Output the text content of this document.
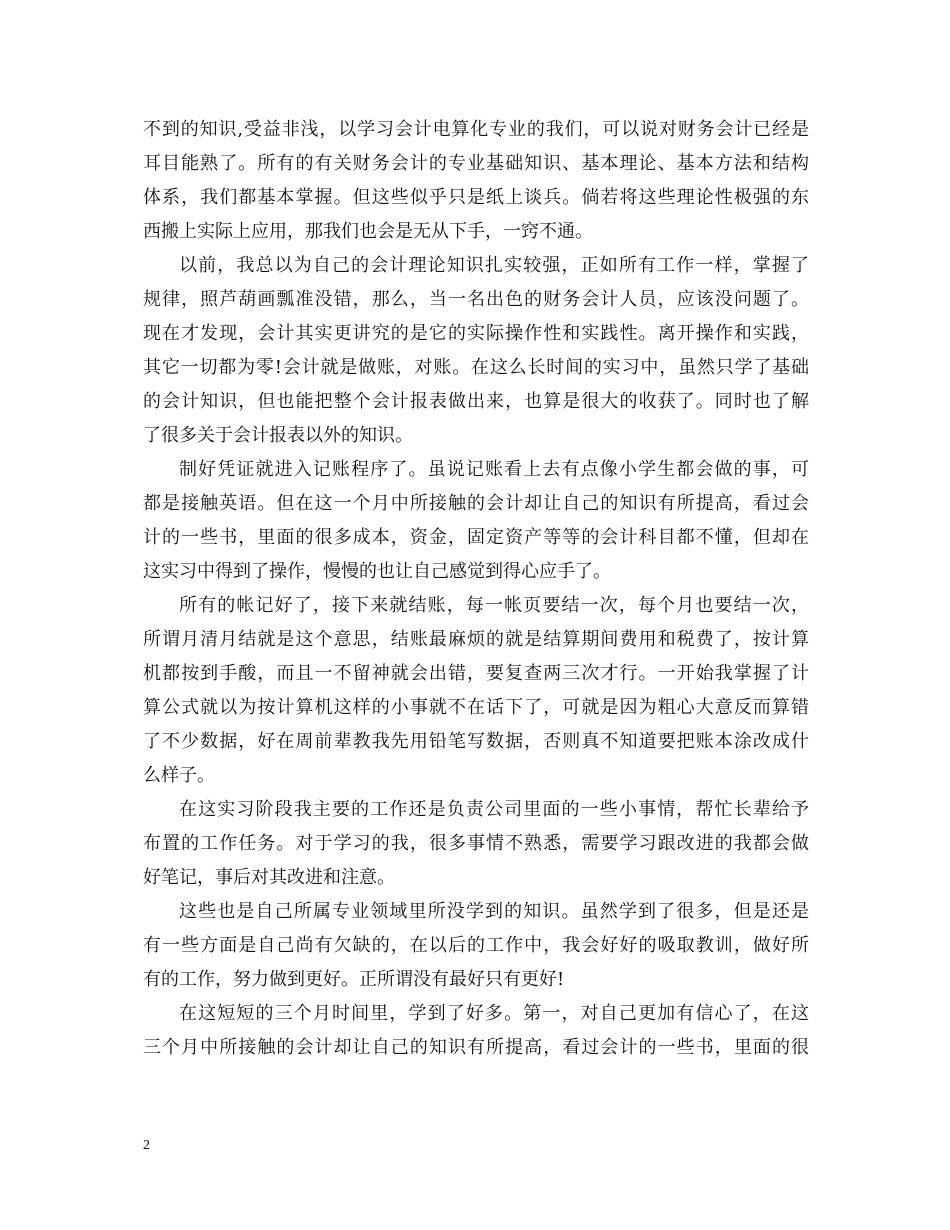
不到的知识,受益非浅，以学习会计电算化专业的我们，可以说对财务会计已经是
耳目能熟了。所有的有关财务会计的专业基础知识、基本理论、基本方法和结构
体系，我们都基本掌握。但这些似乎只是纸上谈兵。倘若将这些理论性极强的东
西搬上实际上应用，那我们也会是无从下手，一窍不通。

以前，我总以为自己的会计理论知识扎实较强，正如所有工作一样，掌握了
规律，照芦葫画瓢准没错，那么，当一名出色的财务会计人员，应该没问题了。
现在才发现，会计其实更讲究的是它的实际操作性和实践性。离开操作和实践，
其它一切都为零!会计就是做账，对账。在这么长时间的实习中，虽然只学了基础
的会计知识，但也能把整个会计报表做出来，也算是很大的收获了。同时也了解
了很多关于会计报表以外的知识。

制好凭证就进入记账程序了。虽说记账看上去有点像小学生都会做的事，可
都是接触英语。但在这一个月中所接触的会计却让自己的知识有所提高，看过会
计的一些书，里面的很多成本，资金，固定资产等等的会计科目都不懂，但却在
这实习中得到了操作，慢慢的也让自己感觉到得心应手了。

所有的帐记好了，接下来就结账，每一帐页要结一次，每个月也要结一次，
所谓月清月结就是这个意思，结账最麻烦的就是结算期间费用和税费了，按计算
机都按到手酸，而且一不留神就会出错，要复查两三次才行。一开始我掌握了计
算公式就以为按计算机这样的小事就不在话下了，可就是因为粗心大意反而算错
了不少数据，好在周前辈教我先用铅笔写数据，否则真不知道要把账本涂改成什
么样子。

在这实习阶段我主要的工作还是负责公司里面的一些小事情，帮忙长辈给予
布置的工作任务。对于学习的我，很多事情不熟悉，需要学习跟改进的我都会做
好笔记，事后对其改进和注意。

这些也是自己所属专业领域里所没学到的知识。虽然学到了很多，但是还是
有一些方面是自己尚有欠缺的，在以后的工作中，我会好好的吸取教训，做好所
有的工作，努力做到更好。正所谓没有最好只有更好!

在这短短的三个月时间里，学到了好多。第一，对自己更加有信心了，在这
三个月中所接触的会计却让自己的知识有所提高，看过会计的一些书，里面的很

2
